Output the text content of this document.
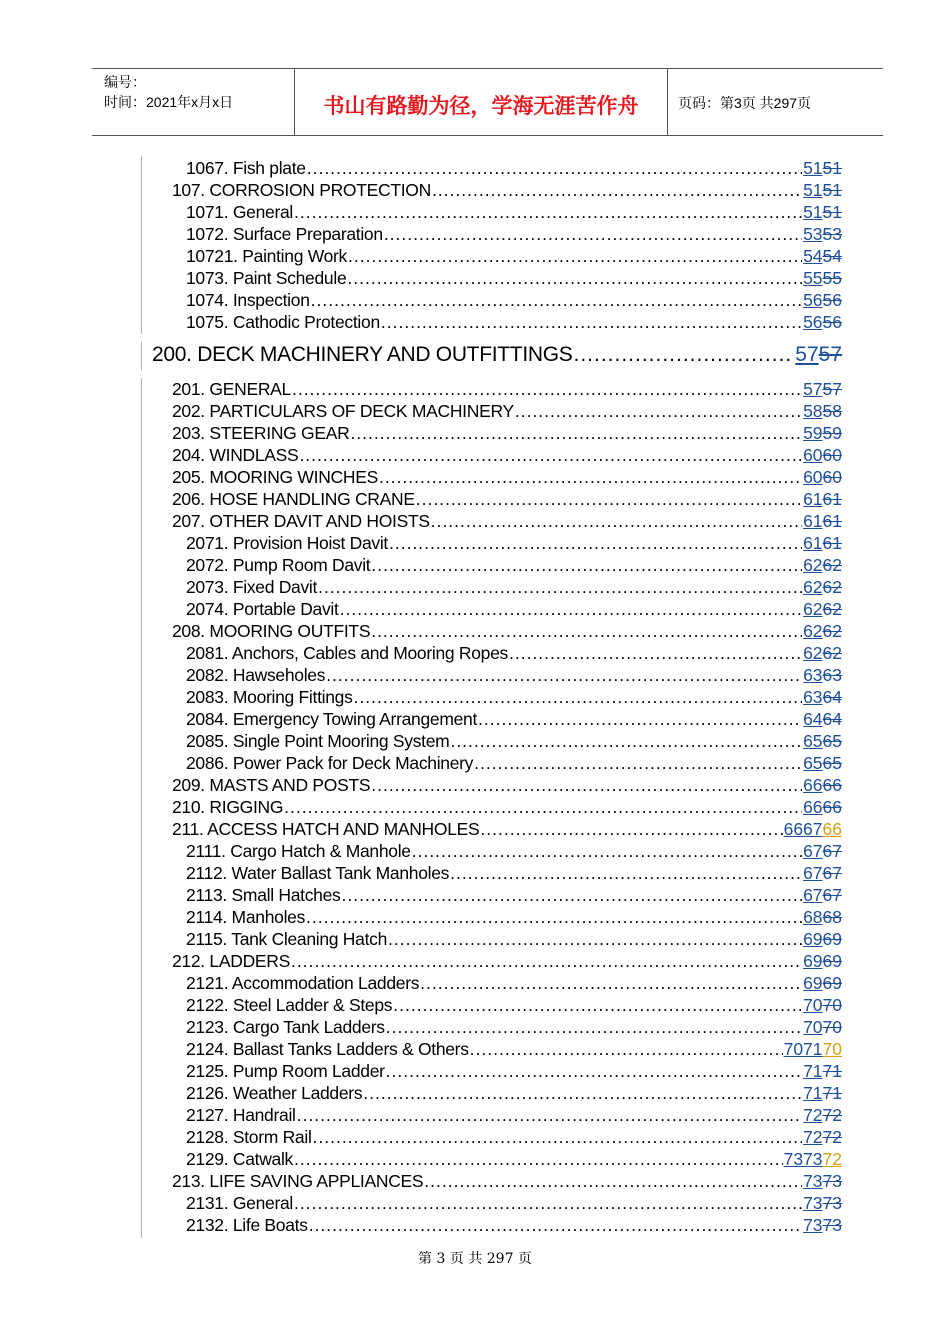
编号：
时间：2021年x月x日	书山有路勤为径，学海无涯苦作舟	页码：第3页 共297页
1067. Fish plate .....	5151
107. CORROSION PROTECTION .....	5151
1071. General .....	5151
1072. Surface Preparation .....	5353
10721. Painting Work .....	5454
1073. Paint Schedule .....	5555
1074. Inspection .....	5656
1075. Cathodic Protection .....	5656
200. DECK MACHINERY AND OUTFITTINGS .....	5757
201. GENERAL .....	5757
202. PARTICULARS OF DECK MACHINERY .....	5858
203. STEERING GEAR .....	5959
204. WINDLASS .....	6060
205. MOORING WINCHES .....	6060
206. HOSE HANDLING CRANE .....	6161
207. OTHER DAVIT AND HOISTS .....	6161
2071. Provision Hoist Davit .....	6161
2072. Pump Room Davit .....	6262
2073. Fixed Davit .....	6262
2074. Portable Davit .....	6262
208. MOORING OUTFITS .....	6262
2081. Anchors, Cables and Mooring Ropes .....	6262
2082. Hawseholes .....	6363
2083. Mooring Fittings .....	6364
2084. Emergency Towing Arrangement .....	6464
2085. Single Point Mooring System .....	6565
2086. Power Pack for Deck Machinery .....	6565
209. MASTS AND POSTS .....	6666
210. RIGGING .....	6666
211. ACCESS HATCH AND MANHOLES .....	666766
2111. Cargo Hatch & Manhole .....	6767
2112. Water Ballast Tank Manholes .....	6767
2113. Small Hatches .....	6767
2114. Manholes .....	6868
2115. Tank Cleaning Hatch .....	6969
212. LADDERS .....	6969
2121. Accommodation Ladders .....	6969
2122. Steel Ladder & Steps .....	7070
2123. Cargo Tank Ladders .....	7070
2124. Ballast Tanks Ladders & Others .....	707170
2125. Pump Room Ladder .....	7171
2126. Weather Ladders .....	7171
2127. Handrail .....	7272
2128. Storm Rail .....	7272
2129. Catwalk .....	737372
213. LIFE SAVING APPLIANCES .....	7373
2131. General .....	7373
2132. Life Boats .....	7373
第 3 页 共 297 页
